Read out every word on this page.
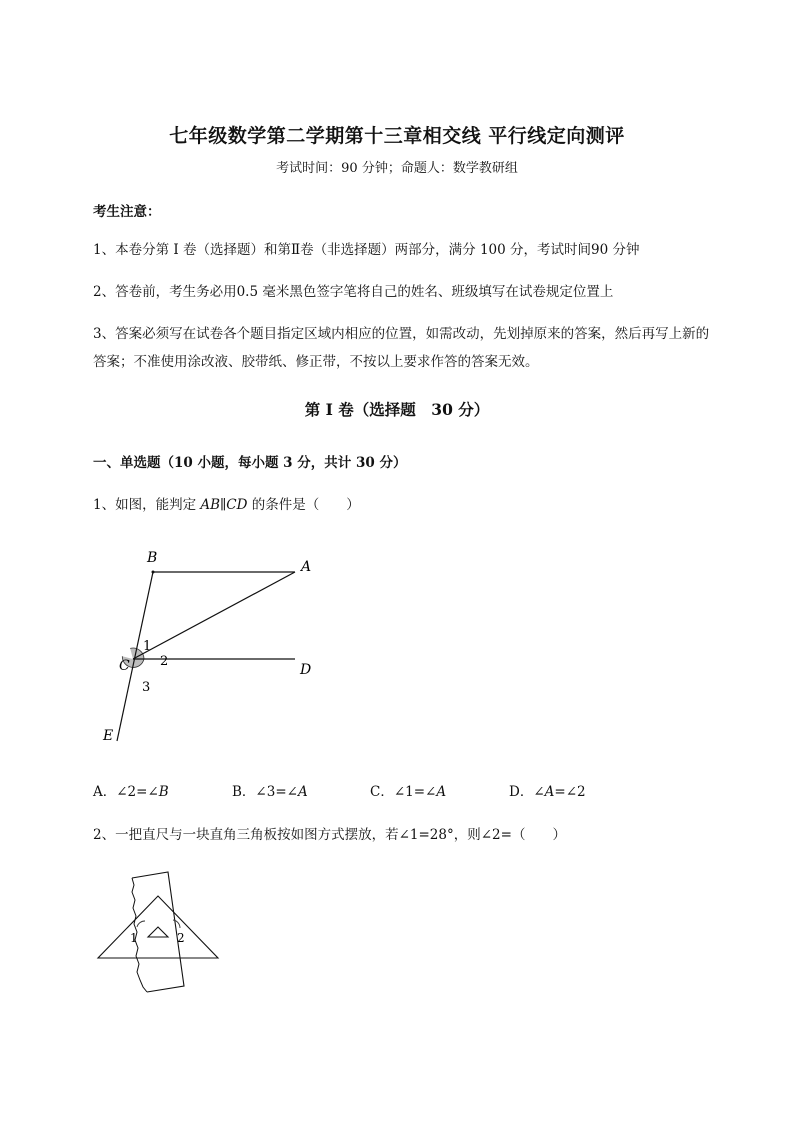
七年级数学第二学期第十三章相交线 平行线定向测评
考试时间：90 分钟；命题人：数学教研组
考生注意：
1、本卷分第 I 卷（选择题）和第Ⅱ卷（非选择题）两部分，满分 100 分，考试时间90 分钟
2、答卷前，考生务必用0.5 毫米黑色签字笔将自己的姓名、班级填写在试卷规定位置上
3、答案必须写在试卷各个题目指定区域内相应的位置，如需改动，先划掉原来的答案，然后再写上新的答案；不准使用涂改液、胶带纸、修正带，不按以上要求作答的答案无效。
第 I 卷（选择题　30 分）
一、单选题（10 小题，每小题 3 分，共计 30 分）
1、如图，能判定 AB∥CD 的条件是（　　）
B
A
C	D
E
1
2
3
A．∠2=∠B	B．∠3=∠A	C．∠1=∠A	D．∠A=∠2
2、一把直尺与一块直角三角板按如图方式摆放，若∠1=28°，则∠2=（　　）
1	2
